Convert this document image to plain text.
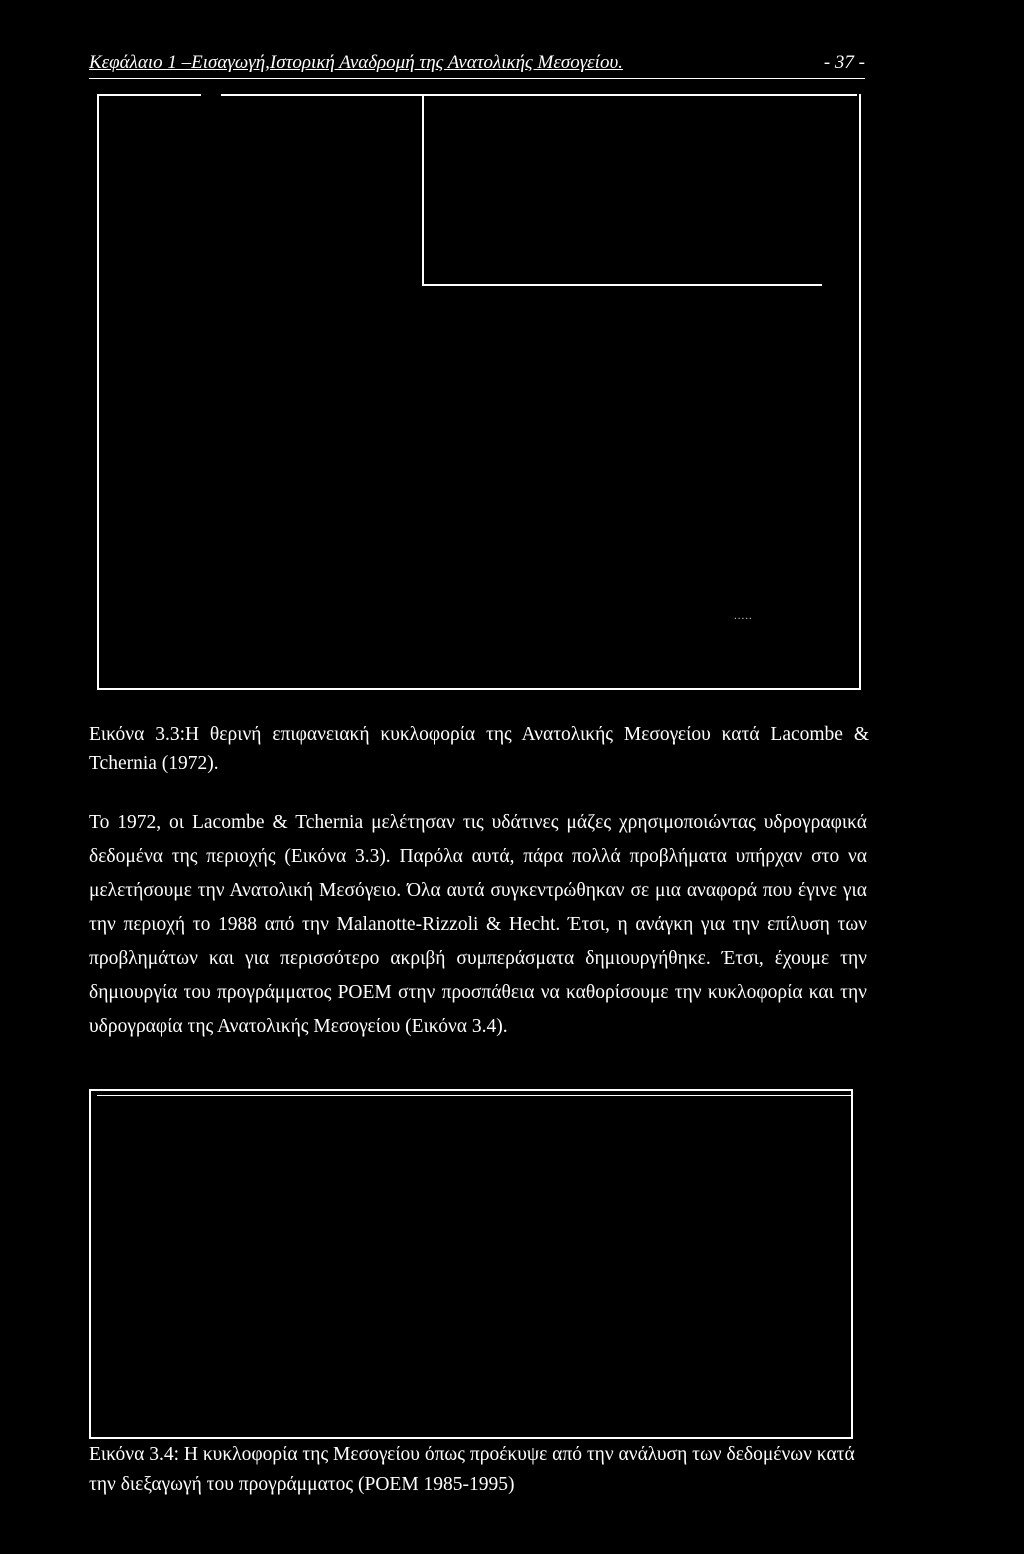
Κεφάλαιο 1 –Εισαγωγή,Ιστορική Αναδρομή της Ανατολικής Μεσογείου.	- 37 -
.....
Εικόνα 3.3:Η θερινή επιφανειακή κυκλοφορία της Ανατολικής Μεσογείου κατά Lacombe & Tchernia (1972).

Το 1972, οι Lacombe & Tchernia μελέτησαν τις υδάτινες μάζες χρησιμοποιώντας υδρογραφικά δεδομένα της περιοχής (Εικόνα 3.3). Παρόλα αυτά, πάρα πολλά προβλήματα υπήρχαν στο να μελετήσουμε την Ανατολική Μεσόγειο. Όλα αυτά συγκεντρώθηκαν σε μια αναφορά που έγινε για την περιοχή το 1988 από την Malanotte-Rizzoli & Hecht. Έτσι, η ανάγκη για την επίλυση των προβλημάτων και για περισσότερο ακριβή συμπεράσματα δημιουργήθηκε. Έτσι, έχουμε την δημιουργία του προγράμματος POEM στην προσπάθεια να καθορίσουμε την κυκλοφορία και την υδρογραφία της Ανατολικής Μεσογείου (Εικόνα 3.4).

Εικόνα 3.4: Η κυκλοφορία της Μεσογείου όπως προέκυψε από την ανάλυση των δεδομένων κατά την διεξαγωγή του προγράμματος (POEM 1985-1995)
